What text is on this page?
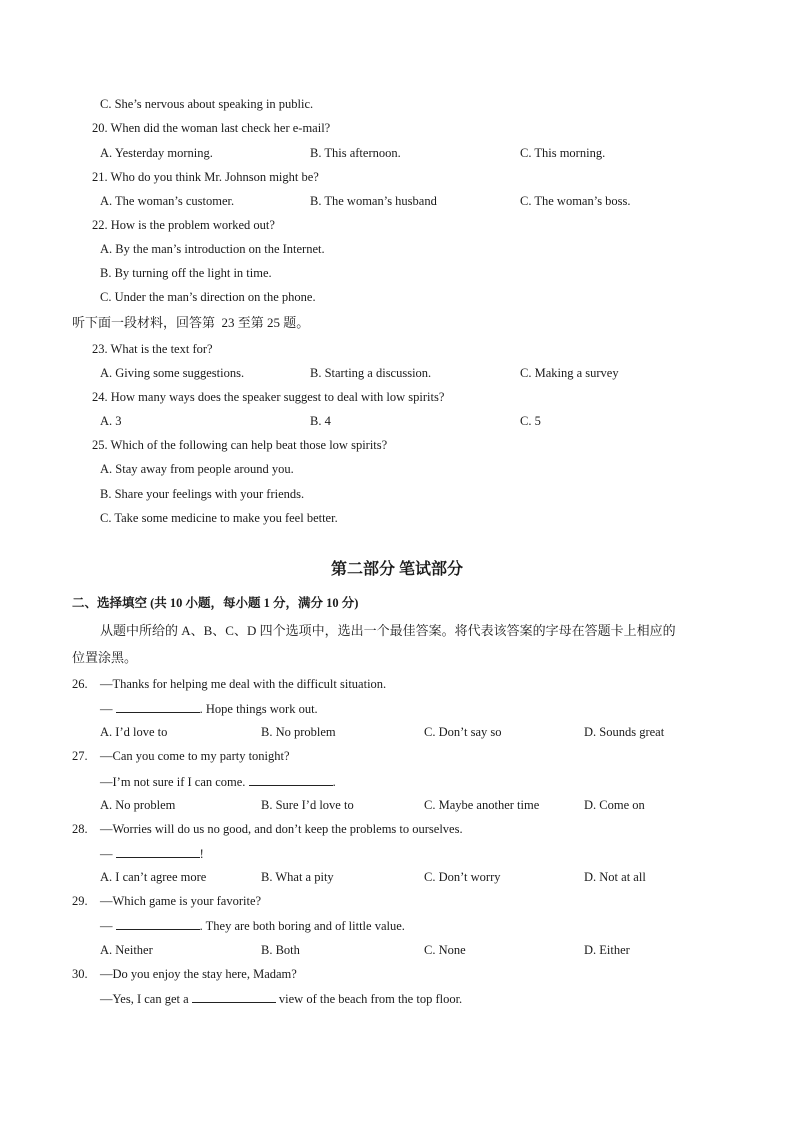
C. She’s nervous about speaking in public.
20. When did the woman last check her e-mail?
A. Yesterday morning.	B. This afternoon.	C. This morning.
21. Who do you think Mr. Johnson might be?
A. The woman’s customer.	B. The woman’s husband	C. The woman’s boss.
22. How is the problem worked out?
A. By the man’s introduction on the Internet.
B. By turning off the light in time.
C. Under the man’s direction on the phone.
听下面一段材料，回答第  23 至第 25 题。
23. What is the text for?
A. Giving some suggestions.	B. Starting a discussion.	C. Making a survey
24. How many ways does the speaker suggest to deal with low spirits?
A. 3	B. 4	C. 5
25. Which of the following can help beat those low spirits?
A. Stay away from people around you.
B. Share your feelings with your friends.
C. Take some medicine to make you feel better.
第二部分 笔试部分
二、选择填空 (共 10 小题，每小题 1 分，满分 10 分)
从题中所给的 A、B、C、D 四个选项中，选出一个最佳答案。将代表该答案的字母在答题卡上相应的
位置涂黑。
26. —Thanks for helping me deal with the difficult situation.
—	. Hope things work out.
A. I’d love to	B. No problem	C. Don’t say so	D. Sounds great
27. —Can you come to my party tonight?
—I’m not sure if I can come.	.
A. No problem	B. Sure I’d love to	C. Maybe another time	D. Come on
28. —Worries will do us no good, and don’t keep the problems to ourselves.
—	!
A. I can’t agree more	B. What a pity	C. Don’t worry	D. Not at all
29. —Which game is your favorite?
—	. They are both boring and of little value.
A. Neither	B. Both	C. None	D. Either
30. —Do you enjoy the stay here, Madam?
—Yes, I can get a	view of the beach from the top floor.
